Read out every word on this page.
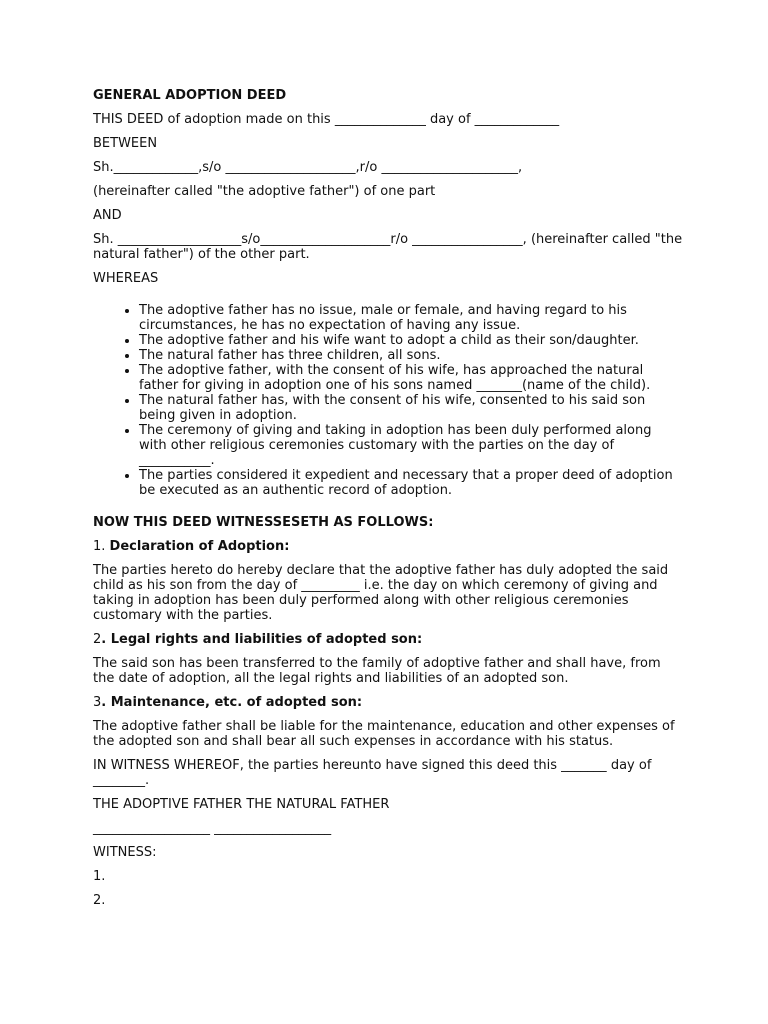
GENERAL ADOPTION DEED

THIS DEED of adoption made on this ______________ day of _____________

BETWEEN

Sh._____________,s/o ____________________,r/o _____________________,

(hereinafter called "the adoptive father") of one part

AND

Sh. ___________________s/o____________________r/o _________________, (hereinafter called "the natural father") of the other part.

WHEREAS

• The adoptive father has no issue, male or female, and having regard to his circumstances, he has no expectation of having any issue.
• The adoptive father and his wife want to adopt a child as their son/daughter.
• The natural father has three children, all sons.
• The adoptive father, with the consent of his wife, has approached the natural father for giving in adoption one of his sons named _______(name of the child).
• The natural father has, with the consent of his wife, consented to his said son being given in adoption.
• The ceremony of giving and taking in adoption has been duly performed along with other religious ceremonies customary with the parties on the day of ___________.
• The parties considered it expedient and necessary that a proper deed of adoption be executed as an authentic record of adoption.

NOW THIS DEED WITNESSESETH AS FOLLOWS:

1. Declaration of Adoption:

The parties hereto do hereby declare that the adoptive father has duly adopted the said child as his son from the day of _________ i.e. the day on which ceremony of giving and taking in adoption has been duly performed along with other religious ceremonies customary with the parties.

2. Legal rights and liabilities of adopted son:

The said son has been transferred to the family of adoptive father and shall have, from the date of adoption, all the legal rights and liabilities of an adopted son.

3. Maintenance, etc. of adopted son:

The adoptive father shall be liable for the maintenance, education and other expenses of the adopted son and shall bear all such expenses in accordance with his status.

IN WITNESS WHEREOF, the parties hereunto have signed this deed this _______ day of ________.

THE ADOPTIVE FATHER THE NATURAL FATHER

__________________ __________________

WITNESS:

1.

2.
